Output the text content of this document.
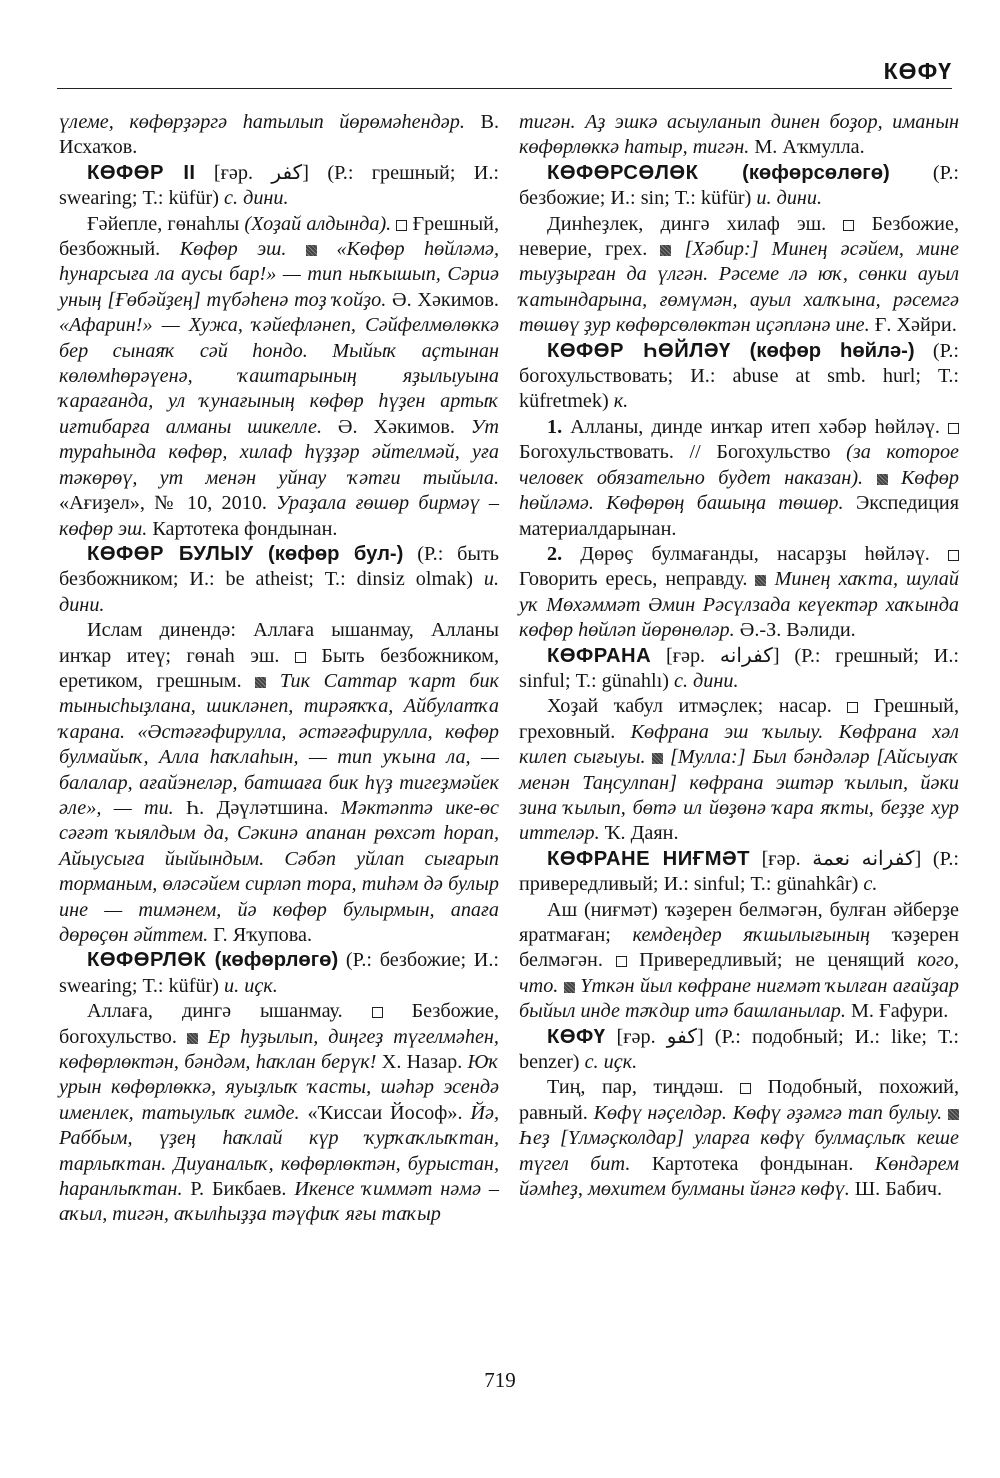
КӨФҮ

үлеме, көфөрҙәргә һатылып йөрөмәһендәр. В. Исхаҡов.

КӨФӨР II [ғәр. كفر] (Р.: грешный; И.: swearing; Т.: küfür) с. дини.

Ғәйепле, гөнаһлы (Хоҙай алдында).  Ғрешный, безбожный. Көфөр эш.  «Көфөр һөйләмә, һунарсыға ла аусы бар!» — тип ныҡышып, Сәриә уның [Ғөбәйҙең] түбәһенә тоҙ ҡойҙо. Ә. Хәкимов. «Афарин!» — Хужа, ҡәйефләнеп, Сәйфелмөлөккә бер сынаяҡ сәй һондо. Мыйыҡ аҫтынан көлөмһөрәүенә, ҡаштарының яҙылыуына ҡарағанда, ул ҡунағының көфөр һүҙен артыҡ иғтибарға алманы шикелле. Ә. Хәкимов. Ут тураһында көфөр, хилаф һүҙҙәр әйтелмәй, уға тәкөрөү, ут менән уйнау ҡәтғи тыйыла. «Ағиҙел», № 10, 2010. Ураҙала ғөшөр бирмәү – көфөр эш. Картотека фондынан.

КӨФӨР БУЛЫУ (көфөр бул-) (Р.: быть безбожником; И.: be atheist; Т.: dinsiz olmak) и. дини.

Ислам динендә: Аллаға ышанмау, Алланы инҡар итеү; гөнаһ эш.  Быть безбожником, еретиком, грешным.  Тик Саттар ҡарт бик тынысһыҙлана, шикләнеп, тирәяҡҡа, Айбулатҡа ҡарана. «Әстәғәфирулла, әстәғәфирулла, көфөр булмайыҡ, Алла һаҡлаһын, — тип уҡына ла, — балалар, ағайэнеләр, батшаға бик һүҙ тигеҙмәйек әле», — ти. Һ. Дәүләтшина. Мәктәптә ике-өс сәғәт ҡыялдым да, Сәкинә апанан рөхсәт һорап, Айыусыға йыйындым. Сәбәп уйлап сығарып торманым, өләсәйем сирләп тора, тиһәм дә булыр ине — тимәнем, йә көфөр булырмын, апаға дөрөҫөн әйттем. Г. Яҡупова.

КӨФӨРЛӨК (көфөрлөгө) (Р.: безбожие; И.: swearing; Т.: küfür) и. иҫк.

Аллаға, дингә ышанмау.  Безбожие, богохульство.  Ер һуҙылып, диңгеҙ түгелмәһен, көфөрлөктән, бәндәм, һаҡлан берүк! Х. Назар. Юҡ урын көфөрлөккә, яуыҙлыҡ ҡасты, шәһәр эсендә именлек, татыулыҡ гимде. «Ҡиссаи Йософ». Йә, Раббым, үҙең һаҡлай күр ҡурҡаҡлыҡтан, тарлыҡтан. Диуаналыҡ, көфөрлөктән, бурыстан, һаранлыҡтан. Р. Бикбаев. Икенсе ҡиммәт нәмә – аҡыл, тигән, аҡылһыҙҙа тәүфиҡ яғы таҡыр

тигән. Аҙ эшкә асыуланып динен боҙор, иманын көфөрлөккә һатыр, тигән. М. Аҡмулла.

КӨФӨРСӨЛӨК (көфөрсөлөгө) (Р.: безбожие; И.: sin; Т.: küfür) и. дини.

Динһеҙлек, дингә хилаф эш.  Безбожие, неверие, грех.  [Хәбир:] Минең әсәйем, мине тыуҙырған да үлгән. Рәсеме лә юҡ, сөнки ауыл ҡатындарына, ғөмүмән, ауыл халҡына, рәсемгә төшөү ҙур көфөрсөлөктән иҫәпләнә ине. Ғ. Хәйри.

КӨФӨР ҺӨЙЛӘҮ (көфөр һөйлә-) (Р.: богохульствовать; И.: abuse at smb. hurl; Т.: küfretmek) к.

1. Алланы, динде инҡар итеп хәбәр һөйләү.  Богохульствовать. // Богохульство (за которое человек обязательно будет наказан).  Көфөр һөйләмә. Көфөрөң башыңа төшөр. Экспедиция материалдарынан.

2. Дөрөҫ булмағанды, насарҙы һөйләү.  Говорить ересь, неправду.  Минең хаҡта, шулай уҡ Мөхәммәт Әмин Рәсүлзада кеүектәр хаҡында көфөр һөйләп йөрөнөләр. Ә.-З. Вәлиди.

КӨФРАНА [ғәр. كفرانه] (Р.: грешный; И.: sinful; Т.: günahlı) с. дини.

Хоҙай ҡабул итмәҫлек; насар.  Грешный, греховный. Көфрана эш ҡылыу. Көфрана хәл килеп сығыуы.  [Мулла:] Был бәндәләр [Айсыуаҡ менән Таңсулпан] көфрана эштәр ҡылып, йәки зина ҡылып, бөтә ил йөҙөнә ҡара яҡты, беҙҙе хур иттеләр. Ҡ. Даян.

КӨФРАНЕ НИҒМӘТ [ғәр. كفرانه نعمة] (Р.: привередливый; И.: sinful; Т.: günahkâr) с.

Аш (ниғмәт) ҡәҙерен белмәгән, булған әйберҙе яратмаған; кемдеңдер яҡшылығының ҡәҙерен белмәгән.  Привередливый; не ценящий кого, что.  Үткән йыл көфране ниғмәт ҡылған ағайҙар быйыл инде тәҡдир итә башланылар. М. Ғафури.

КӨФҮ [ғәр. كفو] (Р.: подобный; И.: like; Т.: benzer) с. иҫк.

Тиң, пар, тиңдәш.  Подобный, похожий, равный. Көфү нәҫелдәр. Көфү әҙәмгә тап булыу.  Һеҙ [Үлмәҫколдар] уларға көфү булмаҫлыҡ кеше түгел бит. Картотека фондынан. Көндәрем йәмһеҙ, мөхитем булманы йәнгә көфү. Ш. Бабич.

719
